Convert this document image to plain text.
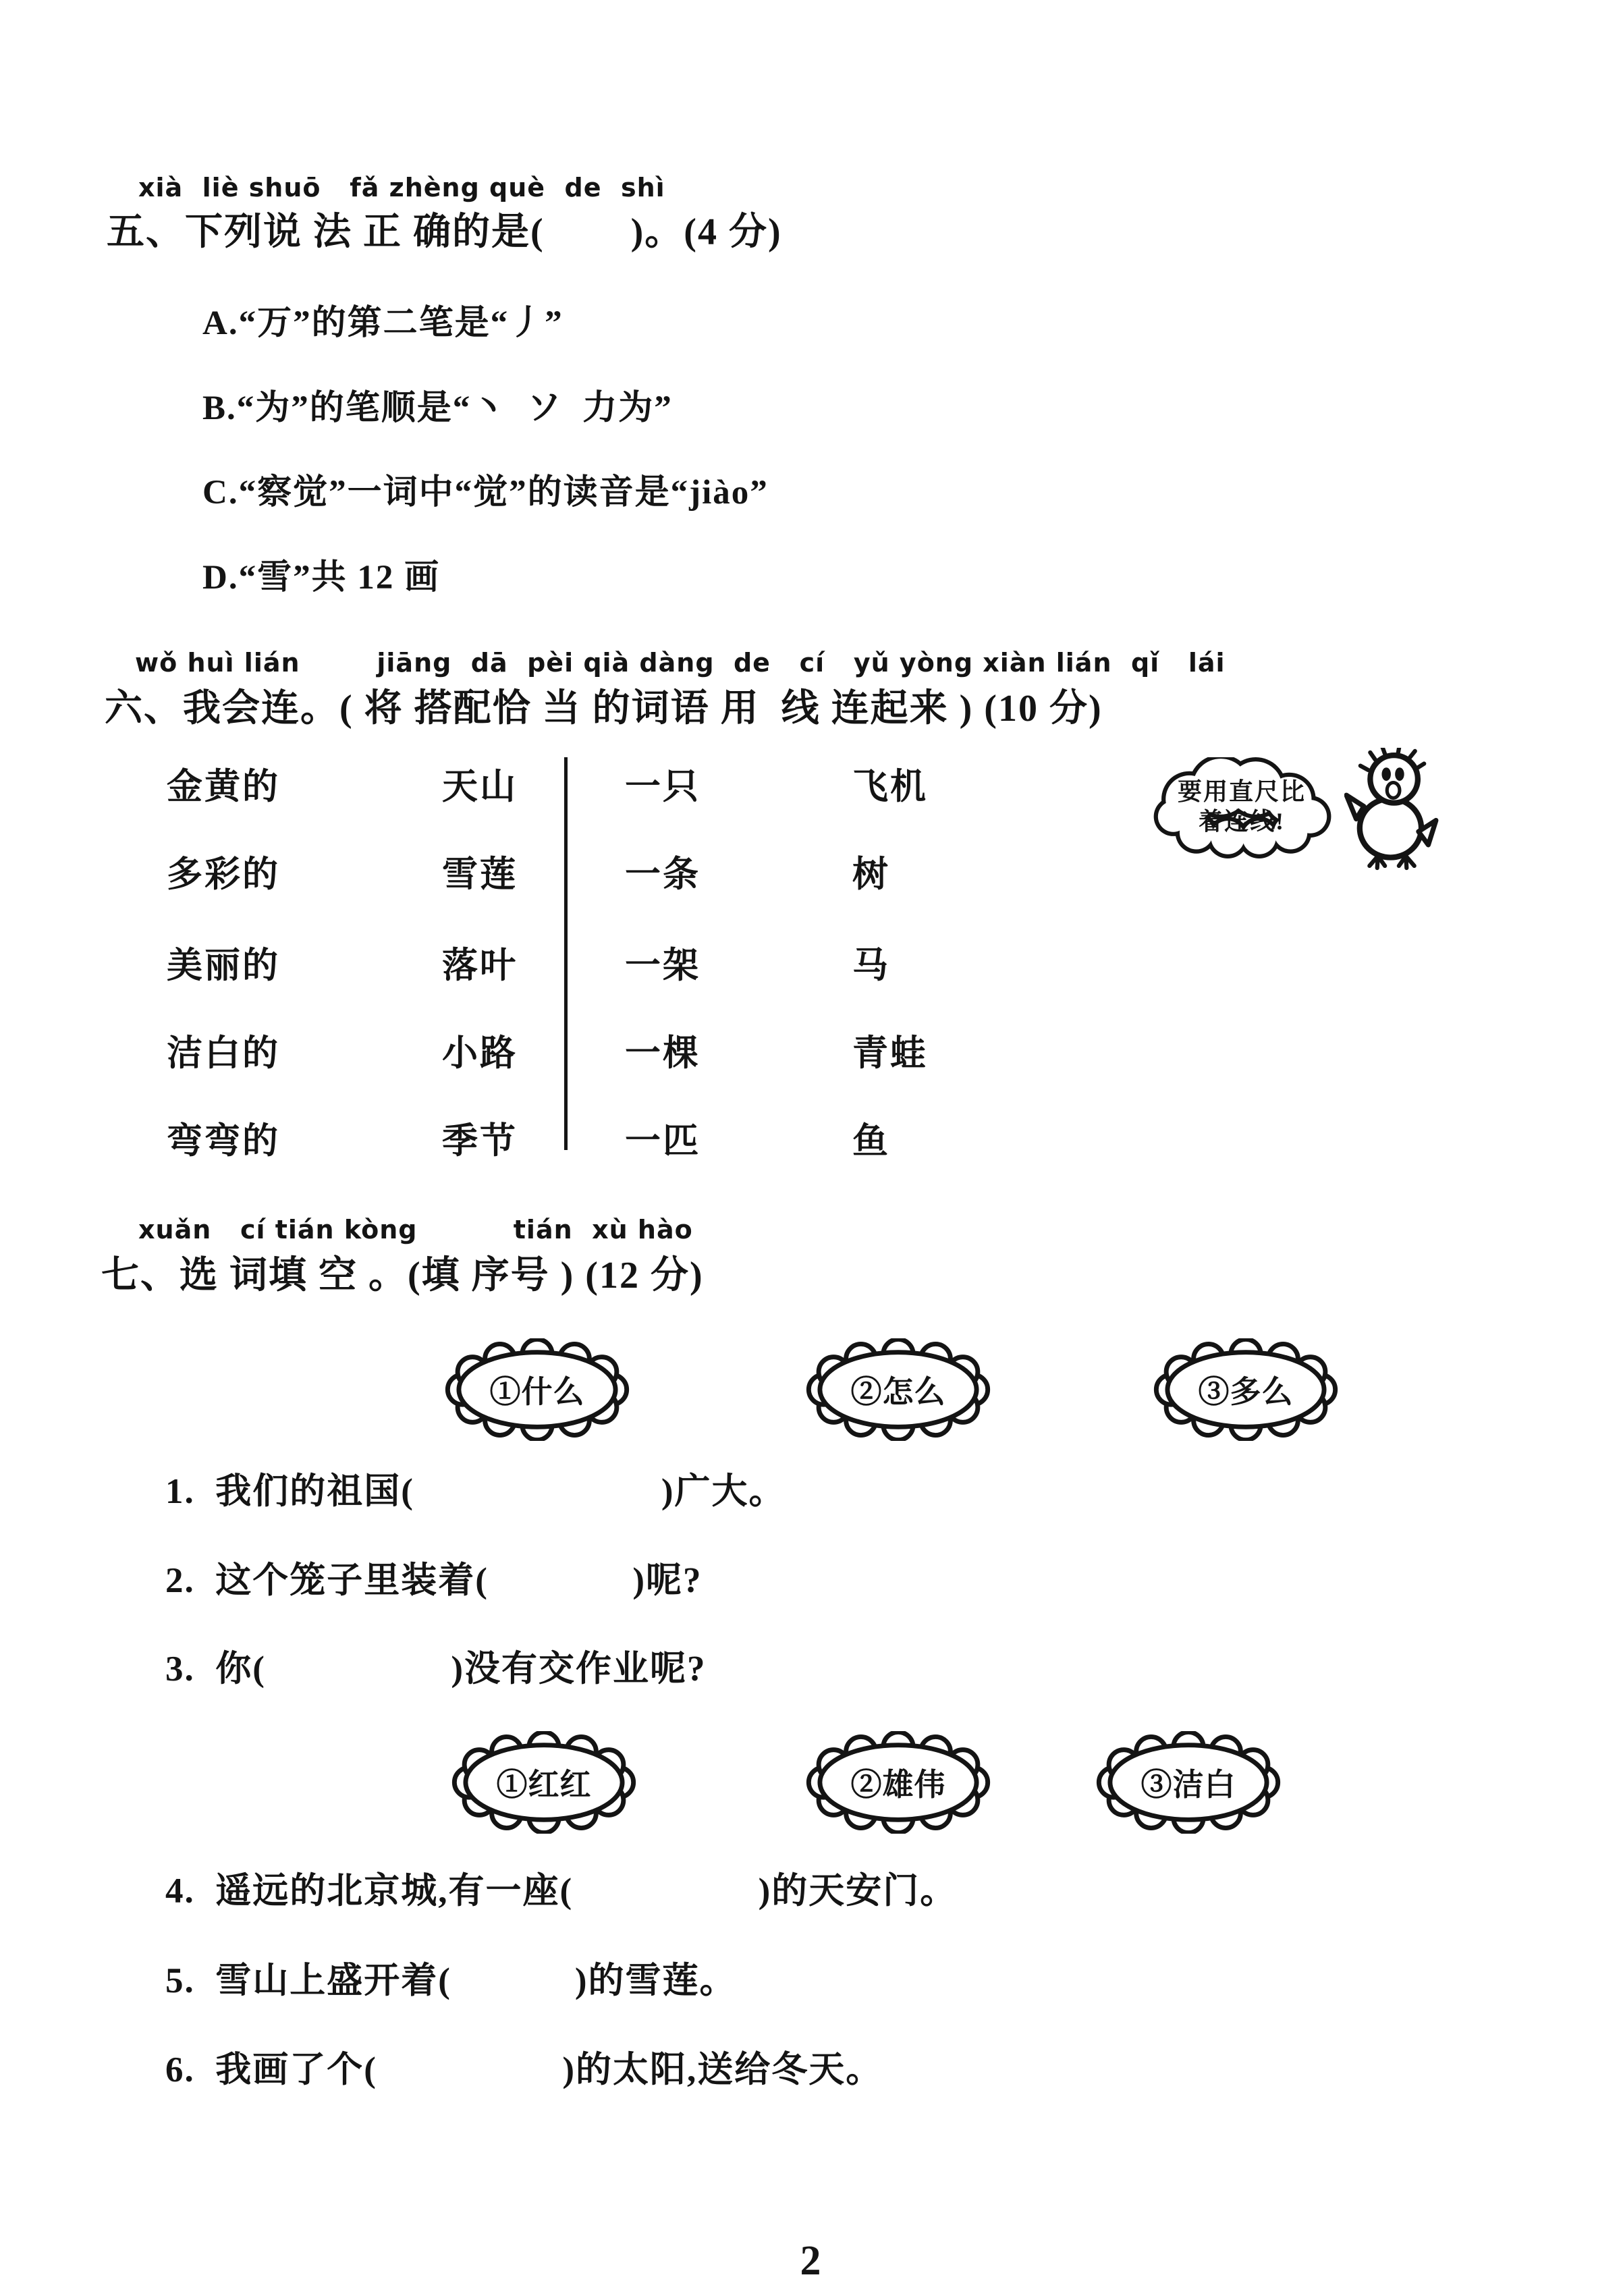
xià  liè shuō   fǎ zhèng què  de  shì
五、下列说 法 正 确的是(        )。(4 分)
A.“万”的第二笔是“丿”
B.“为”的笔顺是“丶  ソ  力为”
C.“察觉”一词中“觉”的读音是“jiào”
D.“雪”共 12 画
wǒ huì lián        jiāng  dā  pèi qià dàng  de   cí   yǔ yòng xiàn lián  qǐ   lái
六、我会连。( 将 搭配恰 当 的词语 用  线 连起来 ) (10 分)
金黄的	天山	一只	飞机
多彩的	雪莲	一条	树
美丽的	落叶	一架	马
洁白的	小路	一棵	青蛙
弯弯的	季节	一匹	鱼
要用直尺比
着连线!
xuǎn   cí tián kòng          tián  xù hào
七、选 词填 空 。(填 序号 ) (12 分)
①什么	②怎么	③多么
1.  我们的祖国(                        )广大。
2.  这个笼子里装着(              )呢?
3.  你(                  )没有交作业呢?
①红红	②雄伟	③洁白
4.  遥远的北京城,有一座(                  )的天安门。
5.  雪山上盛开着(            )的雪莲。
6.  我画了个(                  )的太阳,送给冬天。
2
